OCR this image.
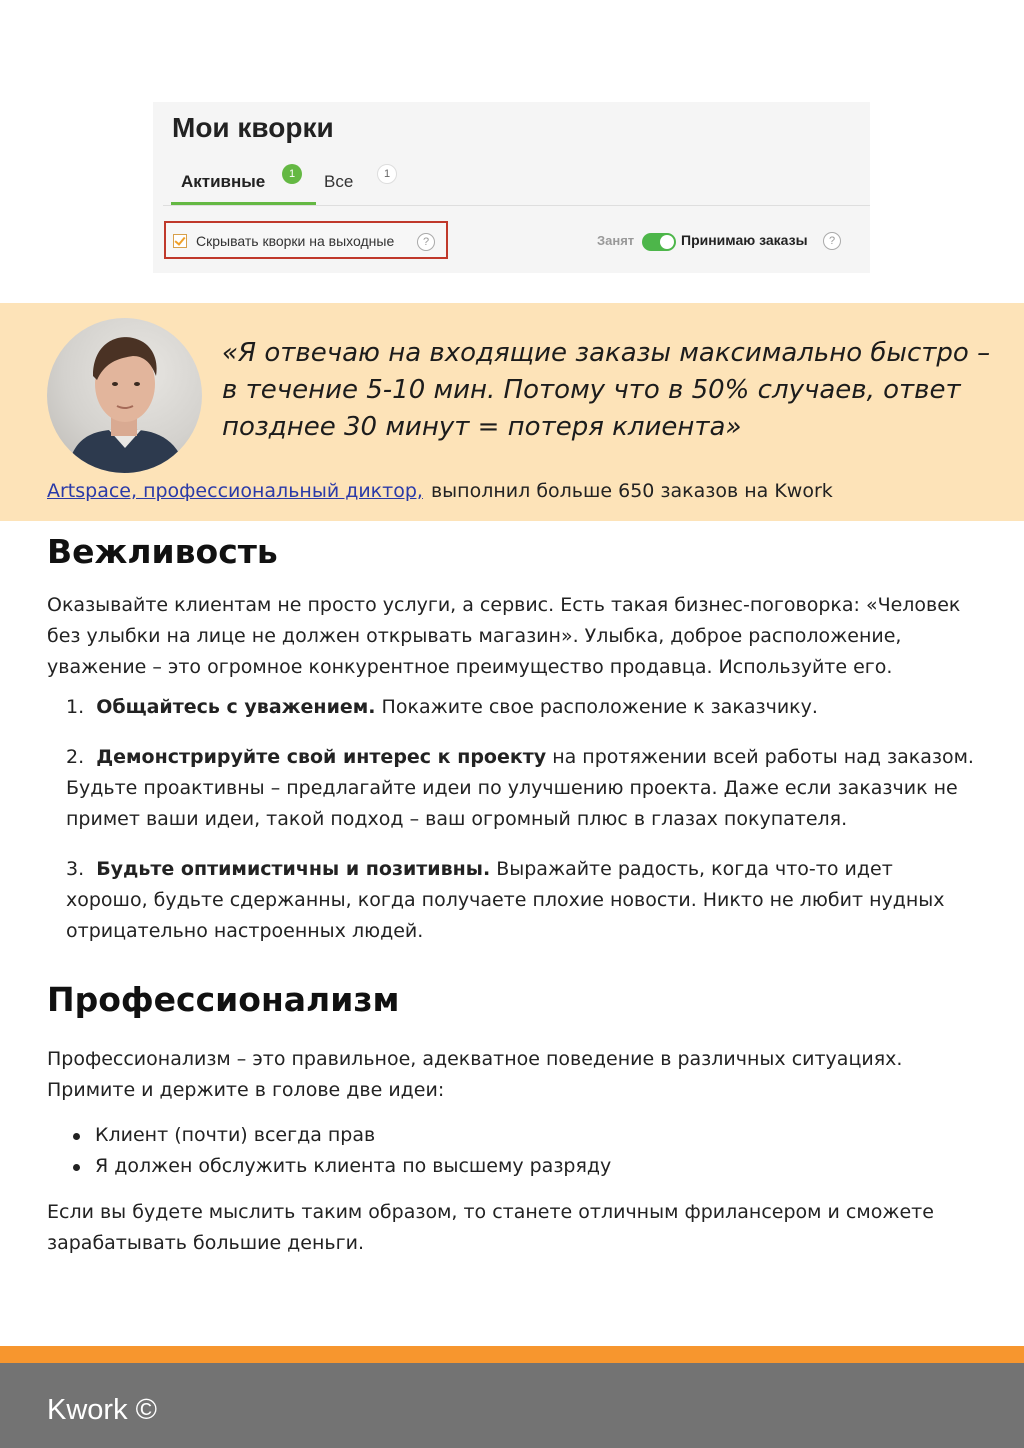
Мои кворки
Активные	1	Все	1
Скрывать кворки на выходные	?	Занят	Принимаю заказы	?

«Я отвечаю на входящие заказы максимально быстро – в течение 5-10 мин. Потому что в 50% случаев, ответ позднее 30 минут = потеря клиента»

Artspace, профессиональный диктор, выполнил больше 650 заказов на Kwork
Вежливость

Оказывайте клиентам не просто услуги, а сервис. Есть такая бизнес-поговорка: «Человек без улыбки на лице не должен открывать магазин». Улыбка, доброе расположение, уважение – это огромное конкурентное преимущество продавца. Используйте его.

1. Общайтесь с уважением. Покажите свое расположение к заказчику.
2. Демонстрируйте свой интерес к проекту на протяжении всей работы над заказом. Будьте проактивны – предлагайте идеи по улучшению проекта. Даже если заказчик не примет ваши идеи, такой подход – ваш огромный плюс в глазах покупателя.
3. Будьте оптимистичны и позитивны. Выражайте радость, когда что-то идет хорошо, будьте сдержанны, когда получаете плохие новости. Никто не любит нудных отрицательно настроенных людей.
Профессионализм

Профессионализм – это правильное, адекватное поведение в различных ситуациях. Примите и держите в голове две идеи:

Клиент (почти) всегда прав
Я должен обслужить клиента по высшему разряду

Если вы будете мыслить таким образом, то станете отличным фрилансером и сможете зарабатывать большие деньги.

Kwork ©
